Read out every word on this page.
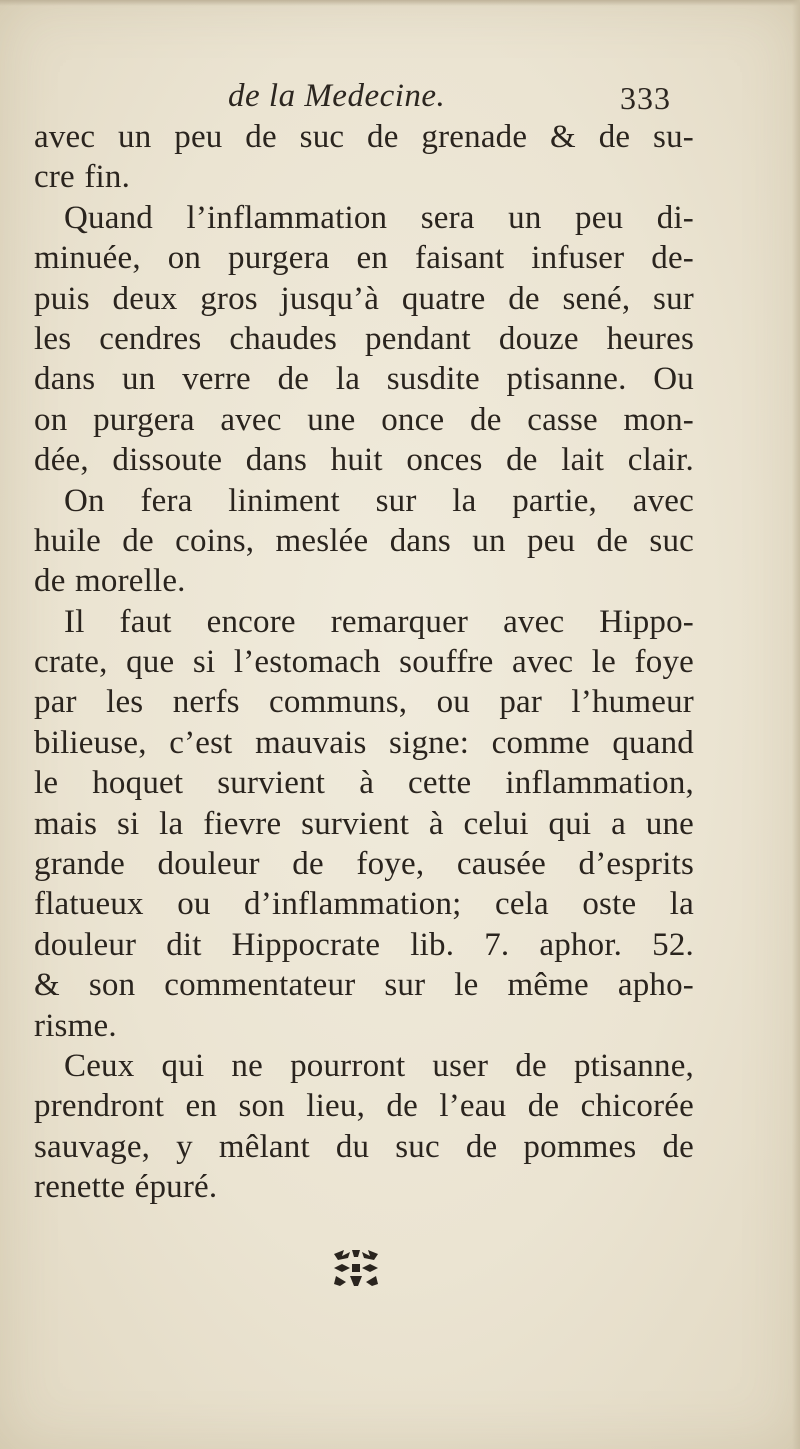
de la Medecine.	333
avec un peu de suc de grenade & de su-
cre fin.
Quand l’inflammation sera un peu di-
minuée, on purgera en faisant infuser de-
puis deux gros jusqu’à quatre de sené, sur
les cendres chaudes pendant douze heures
dans un verre de la susdite ptisanne. Ou
on purgera avec une once de casse mon-
dée, dissoute dans huit onces de lait clair.
On fera liniment sur la partie, avec
huile de coins, meslée dans un peu de suc
de morelle.
Il faut encore remarquer avec Hippo-
crate, que si l’estomach souffre avec le foye
par les nerfs communs, ou par l’humeur
bilieuse, c’est mauvais signe: comme quand
le hoquet survient à cette inflammation,
mais si la fievre survient à celui qui a une
grande douleur de foye, causée d’esprits
flatueux ou d’inflammation; cela oste la
douleur dit Hippocrate lib. 7. aphor. 52.
& son commentateur sur le même apho-
risme.
Ceux qui ne pourront user de ptisanne,
prendront en son lieu, de l’eau de chicorée
sauvage, y mêlant du suc de pommes de
renette épuré.
